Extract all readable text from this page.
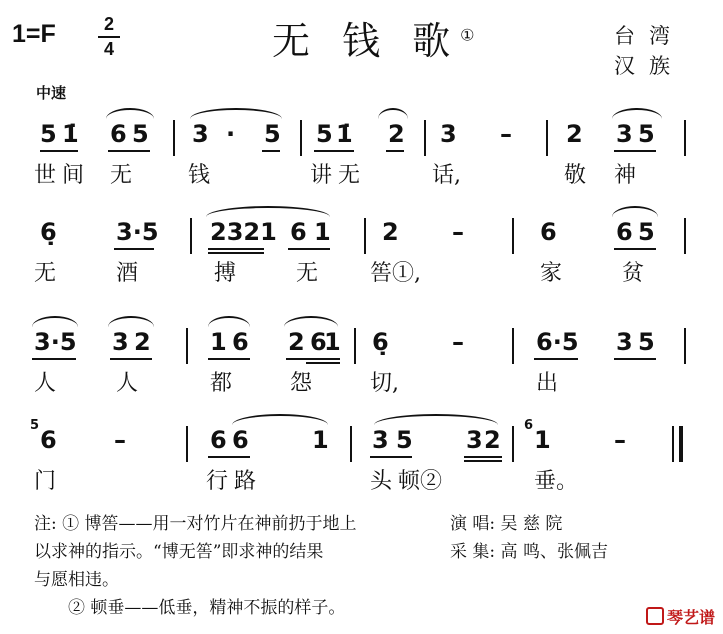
1=F	2
4	无 钱 歌①	台湾
汉族
中速
5 1̇ 6 5 3 · 5 5 1̇ 2 3 – 2 3 5
世 间 无	钱	讲 无	话,	敬 神
6̣ 3·5 2321 6 1 2 –	6 6 5
无	酒	搏	无 筶①,	家	贫
3·5 3 2 1 6 2 6
1 6̣	–	6·5 3 5
人	人	都	怨	切,	出
5	6
6 –	6 6	1 3 5 3 2 1	–
门	行 路	头 顿②	垂。
注: ① 博筶——用一对竹片在神前扔于地上
以求神的指示。“博无筶”即求神的结果
与愿相违。
② 顿垂——低垂，精神不振的样子。
演 唱: 吴 慈 院
采 集: 高 鸣、张佩吉
琴艺谱
